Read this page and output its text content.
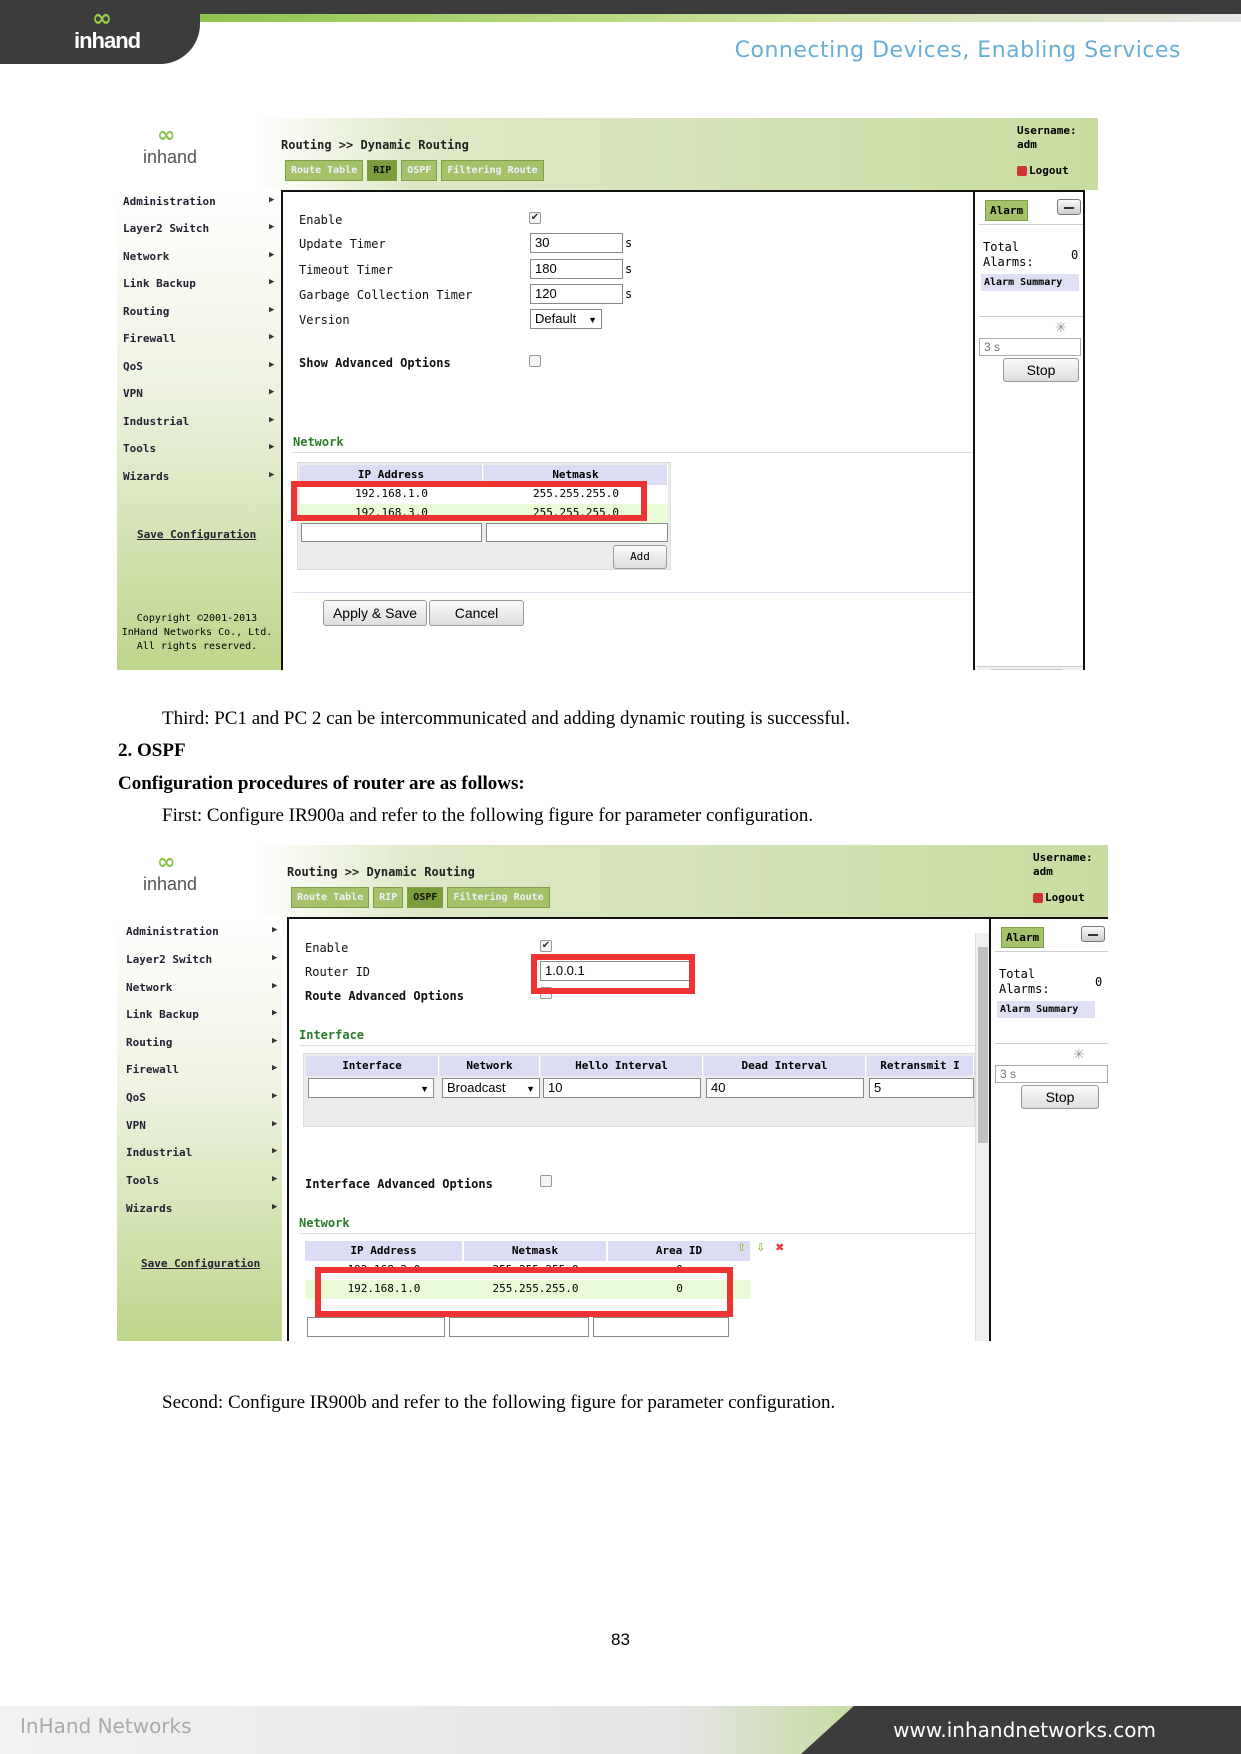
∞
inhand	Connecting Devices, Enabling Services
∞
inhand
Routing >> Dynamic Routing
Route Table	RIP	OSPF	Filtering Route
Username:
adm
Logout
Administration	▶
Layer2 Switch	▶
Network	▶
Link Backup	▶
Routing	▶
Firewall	▶
QoS	▶
VPN	▶
Industrial	▶
Tools	▶
Wizards	▶
Save Configuration
Copyright ©2001-2013
InHand Networks Co., Ltd.
All rights reserved.
Enable	✔
Update Timer	30	s
Timeout Timer	180	s
Garbage Collection Timer	120	s
Version	Default ▼
Show Advanced Options
Network
IP Address	Netmask
192.168.1.0	255.255.255.0
192.168.3.0	255.255.255.0
Add
Apply & Save	Cancel
Alarm
Total
Alarms:	0
Alarm Summary
✳
3 s
Stop
Third: PC1 and PC 2 can be intercommunicated and adding dynamic routing is successful.
2. OSPF
Configuration procedures of router are as follows:
First: Configure IR900a and refer to the following figure for parameter configuration.
∞
inhand
Routing >> Dynamic Routing
Route Table	RIP	OSPF	Filtering Route
Username:
adm
Logout
Administration	▶
Layer2 Switch	▶
Network	▶
Link Backup	▶
Routing	▶
Firewall	▶
QoS	▶
VPN	▶
Industrial	▶
Tools	▶
Wizards	▶
Save Configuration
Enable	✔
Router ID	1.0.0.1
Route Advanced Options
Interface
Interface	Network	Hello Interval	Dead Interval	Retransmit I
▼	Broadcast ▼	10	40	5
Interface Advanced Options
Network
IP Address	Netmask	Area ID
192.168.2.0	255.255.255.0	0
192.168.1.0	255.255.255.0	0
⇧ ⇩ ✖
Alarm
Total
Alarms:	0
Alarm Summary
✳
3 s
Stop
Second: Configure IR900b and refer to the following figure for parameter configuration.
83
InHand Networks	www.inhandnetworks.com
